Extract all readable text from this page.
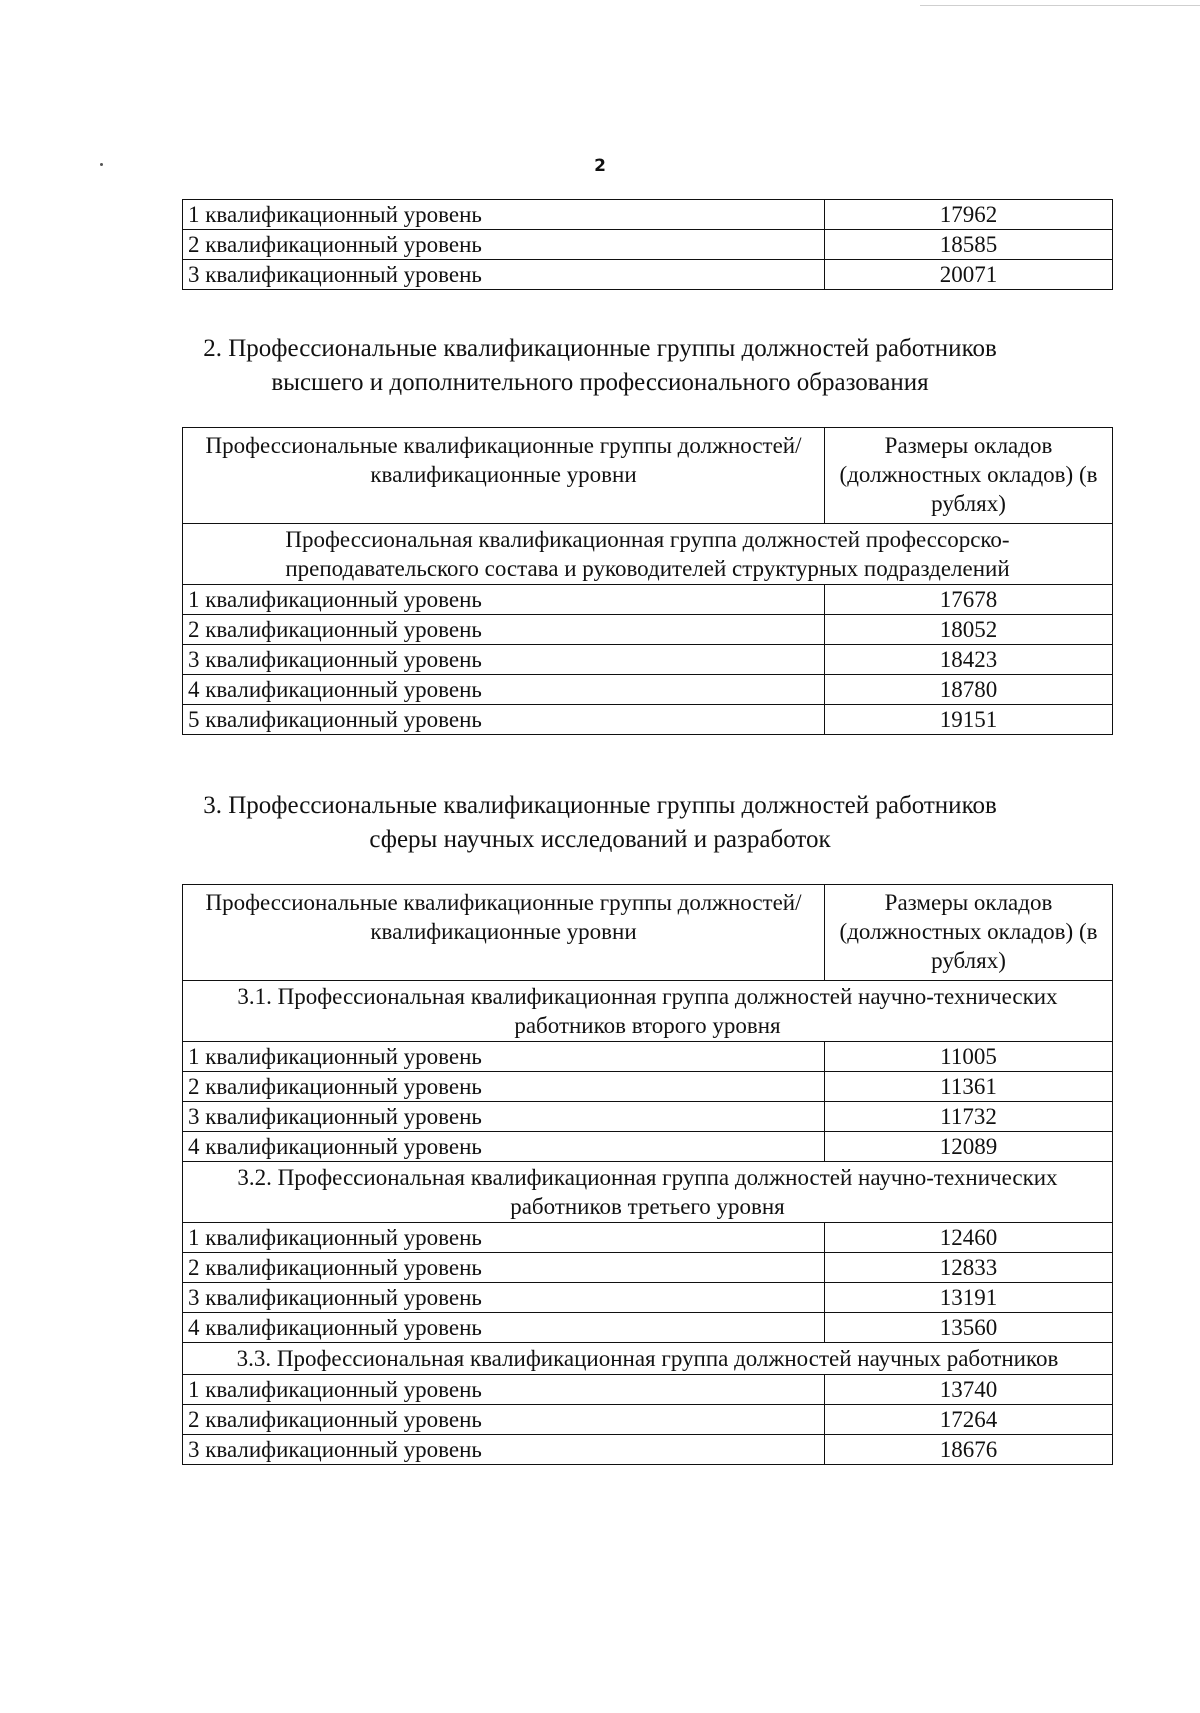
2
1 квалификационный уровень	17962
2 квалификационный уровень	18585
3 квалификационный уровень	20071
2. Профессиональные квалификационные группы должностей работников
высшего и дополнительного профессионального образования
Профессиональные квалификационные группы должностей/квалификационные уровни	Размеры окладов (должностных окладов) (в рублях)
Профессиональная квалификационная группа должностей профессорско-преподавательского состава и руководителей структурных подразделений	
1 квалификационный уровень	17678
2 квалификационный уровень	18052
3 квалификационный уровень	18423
4 квалификационный уровень	18780
5 квалификационный уровень	19151
3. Профессиональные квалификационные группы должностей работников
сферы научных исследований и разработок
Профессиональные квалификационные группы должностей/квалификационные уровни	Размеры окладов (должностных окладов) (в рублях)
3.1. Профессиональная квалификационная группа должностей научно-технических работников второго уровня	
1 квалификационный уровень	11005
2 квалификационный уровень	11361
3 квалификационный уровень	11732
4 квалификационный уровень	12089
3.2. Профессиональная квалификационная группа должностей научно-технических работников третьего уровня	
1 квалификационный уровень	12460
2 квалификационный уровень	12833
3 квалификационный уровень	13191
4 квалификационный уровень	13560
3.3. Профессиональная квалификационная группа должностей научных работников	
1 квалификационный уровень	13740
2 квалификационный уровень	17264
3 квалификационный уровень	18676
